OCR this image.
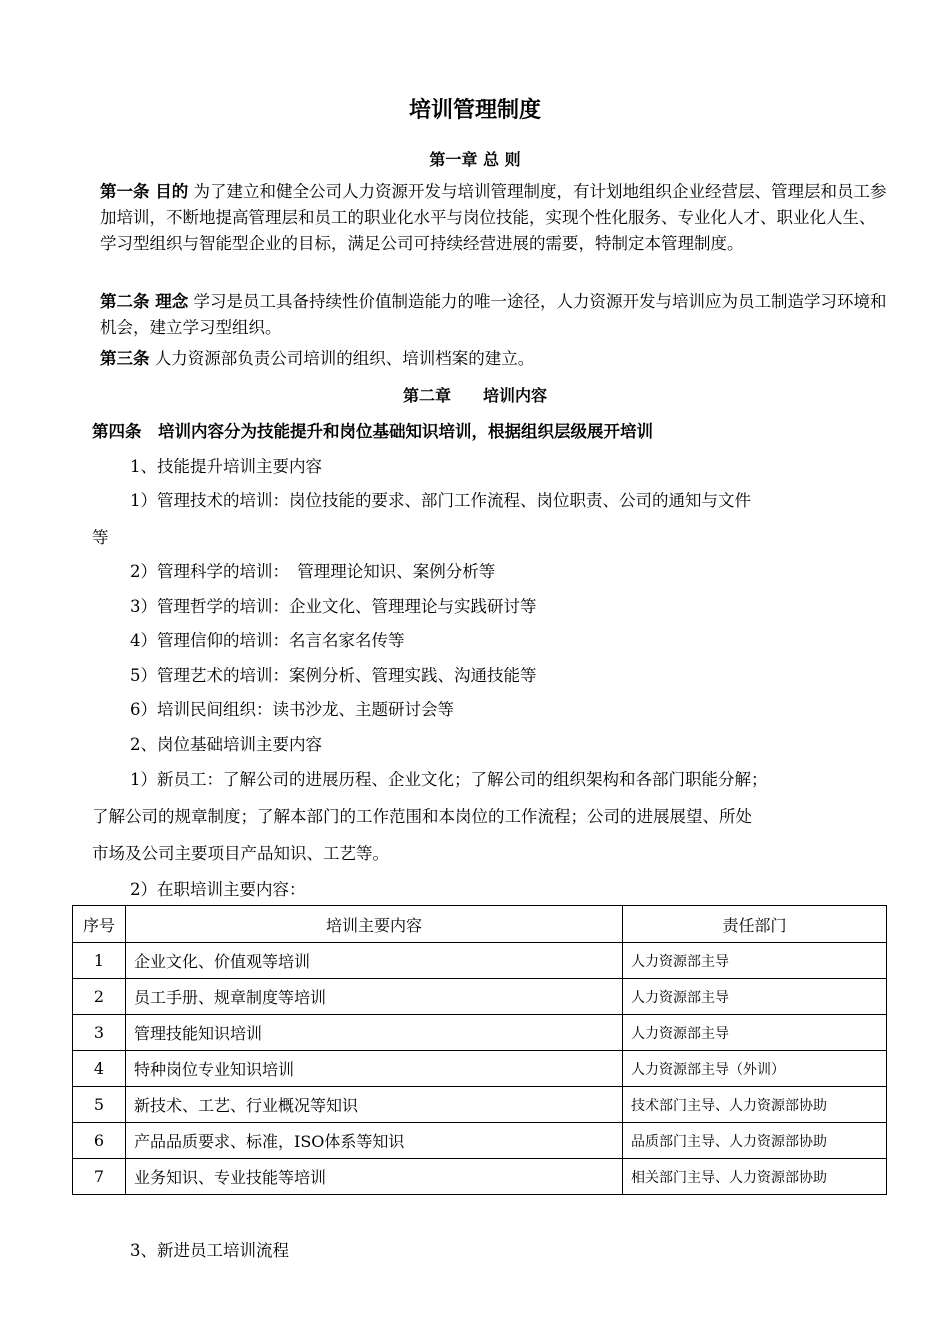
培训管理制度
第一章 总 则
第一条 目的 为了建立和健全公司人力资源开发与培训管理制度，有计划地组织企业经营层、管理层和员工参加培训，不断地提高管理层和员工的职业化水平与岗位技能，实现个性化服务、专业化人才、职业化人生、学习型组织与智能型企业的目标，满足公司可持续经营进展的需要，特制定本管理制度。
第二条 理念 学习是员工具备持续性价值制造能力的唯一途径，人力资源开发与培训应为员工制造学习环境和机会，建立学习型组织。
第三条 人力资源部负责公司培训的组织、培训档案的建立。
第二章　　培训内容
第四条　培训内容分为技能提升和岗位基础知识培训，根据组织层级展开培训
1、技能提升培训主要内容
1）管理技术的培训：岗位技能的要求、部门工作流程、岗位职责、公司的通知与文件
等
2）管理科学的培训：　管理理论知识、案例分析等
3）管理哲学的培训：企业文化、管理理论与实践研讨等
4）管理信仰的培训：名言名家名传等
5）管理艺术的培训：案例分析、管理实践、沟通技能等
6）培训民间组织：读书沙龙、主题研讨会等
2、岗位基础培训主要内容
1）新员工：了解公司的进展历程、企业文化；了解公司的组织架构和各部门职能分解；
了解公司的规章制度；了解本部门的工作范围和本岗位的工作流程；公司的进展展望、所处
市场及公司主要项目产品知识、工艺等。
2）在职培训主要内容：
序号	培训主要内容	责任部门
1	企业文化、价值观等培训	人力资源部主导
2	员工手册、规章制度等培训	人力资源部主导
3	管理技能知识培训	人力资源部主导
4	特种岗位专业知识培训	人力资源部主导（外训）
5	新技术、工艺、行业概况等知识	技术部门主导、人力资源部协助
6	产品品质要求、标准，ISO体系等知识	品质部门主导、人力资源部协助
7	业务知识、专业技能等培训	相关部门主导、人力资源部协助
3、新进员工培训流程
